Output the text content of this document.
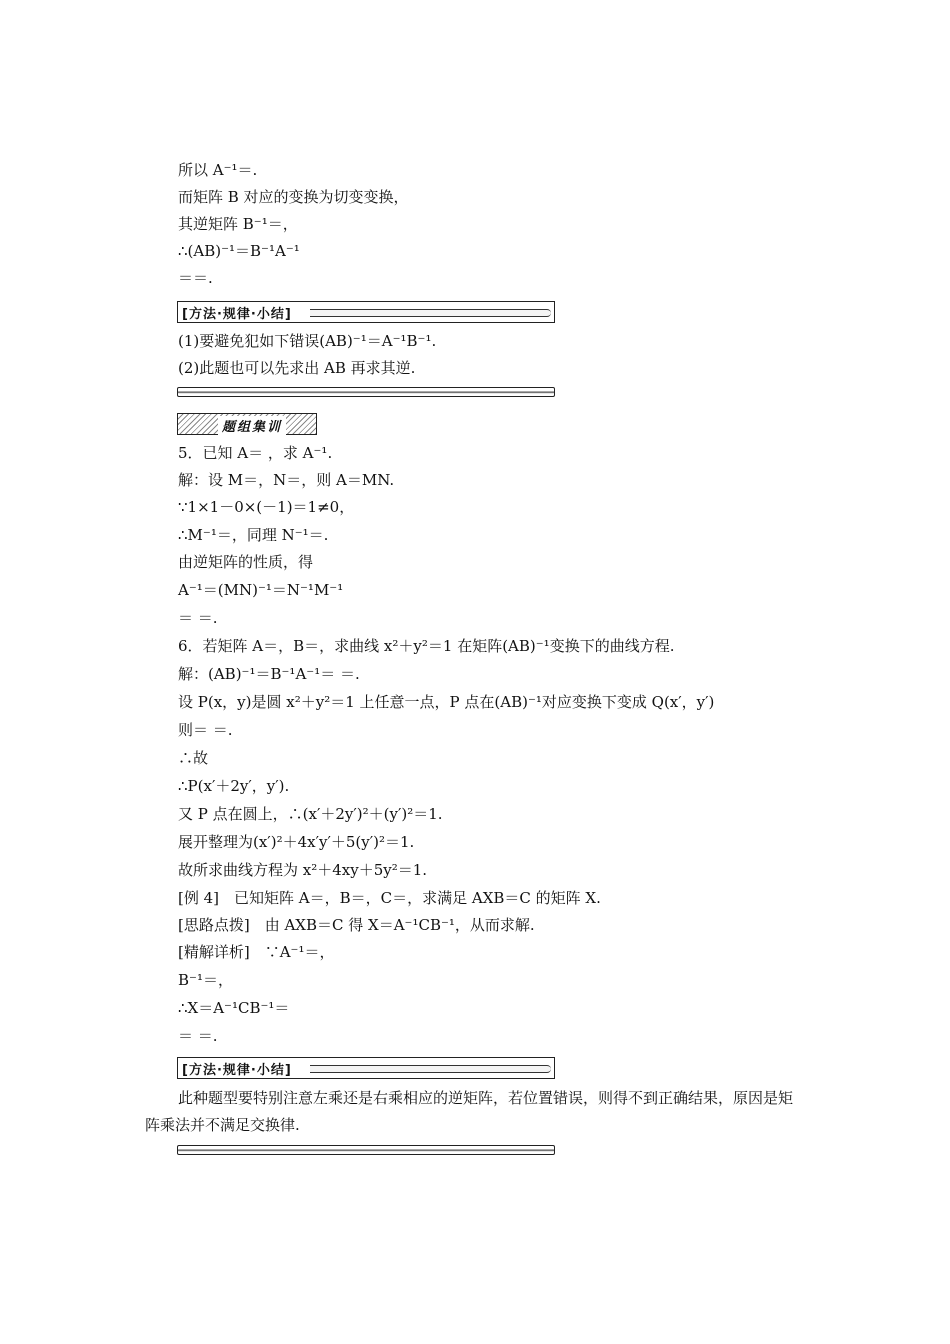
所以 A⁻¹＝.
而矩阵 B 对应的变换为切变变换，
其逆矩阵 B⁻¹＝，
∴(AB)⁻¹＝B⁻¹A⁻¹
＝＝.
[方法·规律·小结]
(1)要避免犯如下错误(AB)⁻¹＝A⁻¹B⁻¹.
(2)此题也可以先求出 AB 再求其逆.
题组集训
5．已知 A＝ ，求 A⁻¹.
解：设 M＝，N＝，则 A＝MN.
∵1×1－0×(－1)＝1≠0，
∴M⁻¹＝，同理 N⁻¹＝.
由逆矩阵的性质，得
A⁻¹＝(MN)⁻¹＝N⁻¹M⁻¹
＝ ＝.
6．若矩阵 A＝，B＝，求曲线 x²＋y²＝1 在矩阵(AB)⁻¹变换下的曲线方程.
解：(AB)⁻¹＝B⁻¹A⁻¹＝ ＝.
设 P(x，y)是圆 x²＋y²＝1 上任意一点，P 点在(AB)⁻¹对应变换下变成 Q(x′，y′)
则＝ ＝.
∴故
∴P(x′＋2y′，y′).
又 P 点在圆上，∴(x′＋2y′)²＋(y′)²＝1.
展开整理为(x′)²＋4x′y′＋5(y′)²＝1.
故所求曲线方程为 x²＋4xy＋5y²＝1.
[例 4]　已知矩阵 A＝，B＝，C＝，求满足 AXB＝C 的矩阵 X.
[思路点拨]　由 AXB＝C 得 X＝A⁻¹CB⁻¹，从而求解.
[精解详析]　∵A⁻¹＝，
B⁻¹＝，
∴X＝A⁻¹CB⁻¹＝
＝ ＝.
[方法·规律·小结]
此种题型要特别注意左乘还是右乘相应的逆矩阵，若位置错误，则得不到正确结果，原因是矩阵乘法并不满足交换律.
